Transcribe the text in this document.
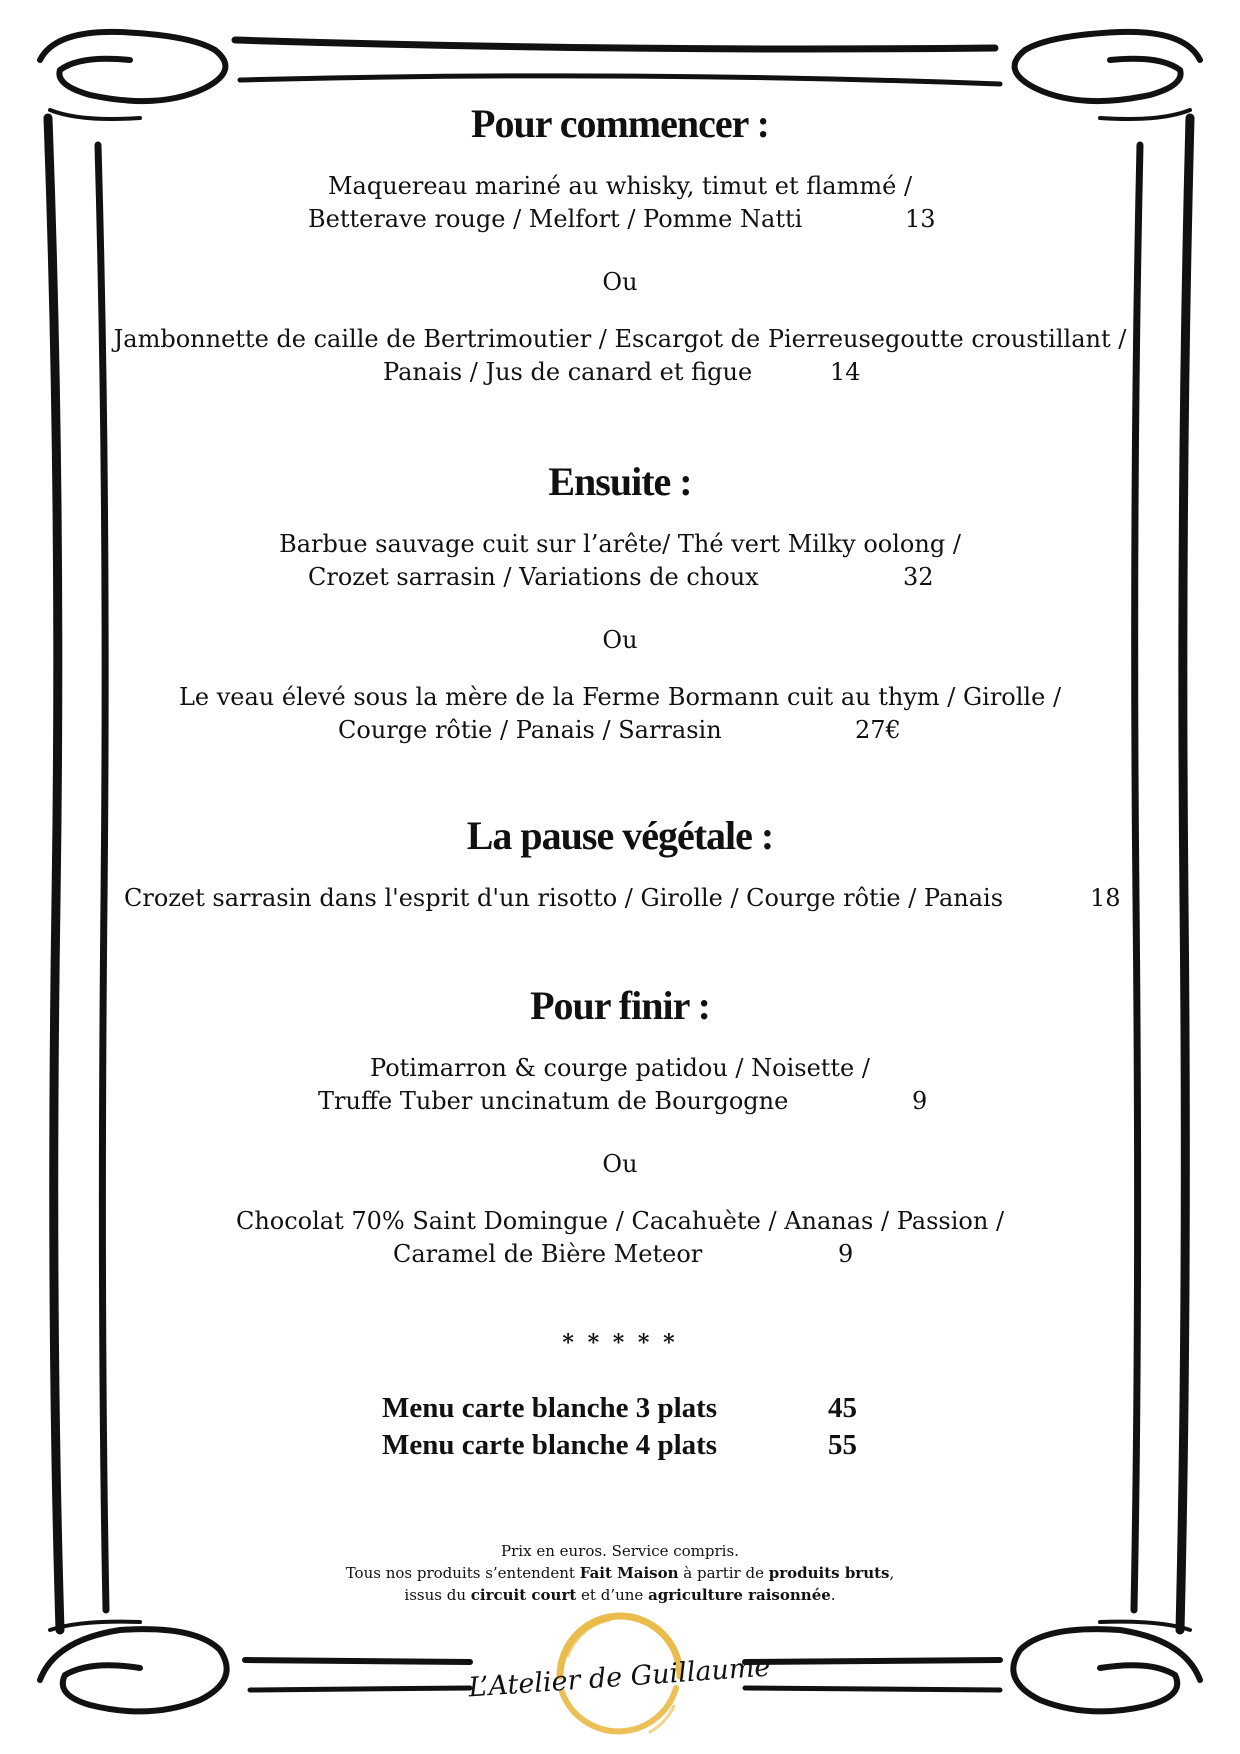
Pour commencer :
Maquereau mariné au whisky, timut et flammé /

Betterave rouge / Melfort / Pomme Natti

	13

Ou
Jambonnette de caille de Bertrimoutier / Escargot de Pierreusegoutte croustillant /

Panais / Jus de canard et figue

	14

Ensuite :
Barbue sauvage cuit sur l’arête/ Thé vert Milky oolong /

Crozet sarrasin / Variations de choux

	32

Ou
Le veau élevé sous la mère de la Ferme Bormann cuit au thym / Girolle /

Courge rôtie / Panais / Sarrasin

	27€

La pause végétale :

Crozet sarrasin dans l'esprit d'un risotto / Girolle / Courge rôtie / Panais

	18

Pour finir :
Potimarron & courge patidou / Noisette /

Truffe Tuber uncinatum de Bourgogne

	9

Ou
Chocolat 70% Saint Domingue / Cacahuète / Ananas / Passion /

Caramel de Bière Meteor

	9

* * * * *
Menu carte blanche 3 plats	45
Menu carte blanche 4 plats	55
Prix en euros. Service compris.
Tous nos produits s’entendent Fait Maison à partir de produits bruts,
issus du circuit court et d’une agriculture raisonnée.
L’Atelier de Guillaume
